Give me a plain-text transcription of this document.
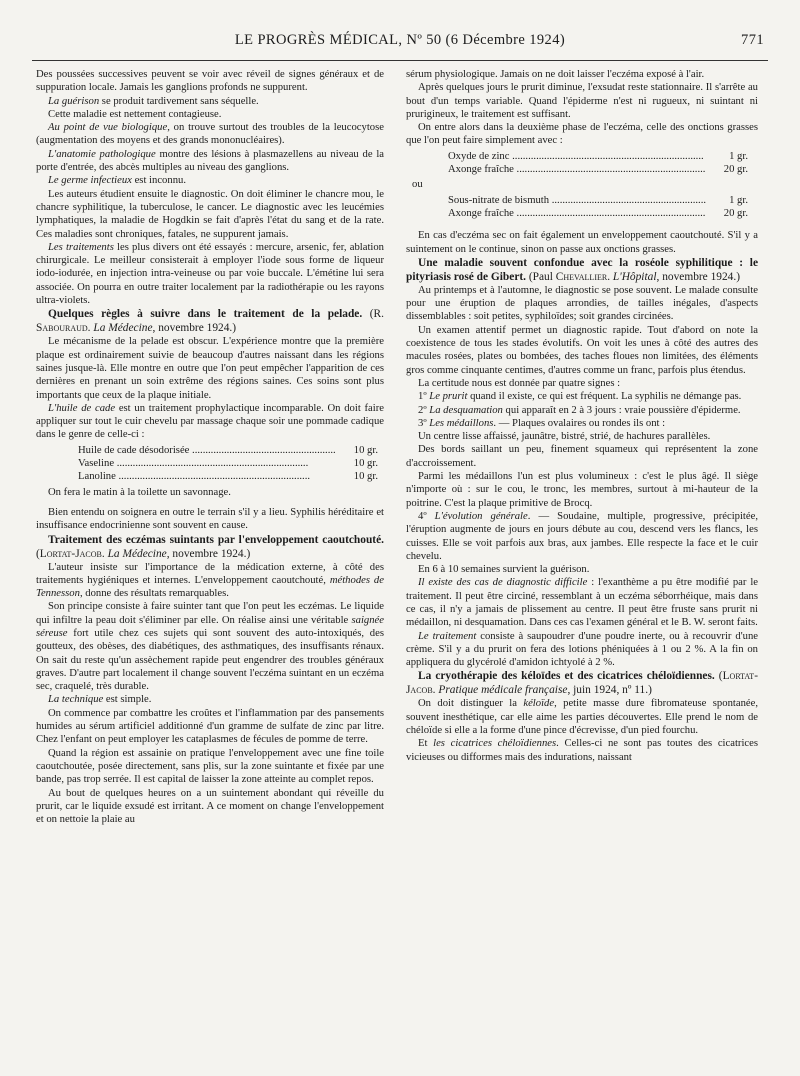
LE PROGRÈS MÉDICAL, Nº 50 (6 Décembre 1924)	771

Des poussées successives peuvent se voir avec réveil de signes généraux et de suppuration locale. Jamais les ganglions profonds ne suppurent.

La guérison se produit tardivement sans séquelle.

Cette maladie est nettement contagieuse.

Au point de vue biologique, on trouve surtout des troubles de la leucocytose (augmentation des moyens et des grands mononucléaires).

L'anatomie pathologique montre des lésions à plasmazellens au niveau de la porte d'entrée, des abcès multiples au niveau des ganglions.

Le germe infectieux est inconnu.

Les auteurs étudient ensuite le diagnostic. On doit éliminer le chancre mou, le chancre syphilitique, la tuberculose, le cancer. Le diagnostic avec les leucémies lymphatiques, la maladie de Hogdkin se fait d'après l'état du sang et de la rate. Ces maladies sont chroniques, fatales, ne suppurent jamais.

Les traitements les plus divers ont été essayés : mercure, arsenic, fer, ablation chirurgicale. Le meilleur consisterait à employer l'iode sous forme de liqueur iodo-iodurée, en injection intra-veineuse ou par voie buccale. L'émétine lui sera associée. On pourra en outre traiter localement par la radiothérapie ou les rayons ultra-violets.

Quelques règles à suivre dans le traitement de la pelade. (R. Sabouraud. La Médecine, novembre 1924.)

Le mécanisme de la pelade est obscur. L'expérience montre que la première plaque est ordinairement suivie de beaucoup d'autres naissant dans les régions saines jusque-là. Elle montre en outre que l'on peut empêcher l'apparition de ces dernières en prenant un soin extrême des régions saines. Ces soins sont plus importants que ceux de la plaque initiale.

L'huile de cade est un traitement prophylactique incomparable. On doit faire appliquer sur tout le cuir chevelu par massage chaque soir une pommade cadique dans le genre de celle-ci :

Huile de cade désodorisée .....	10 gr.
Vaseline .....	10 gr.
Lanoline .....	10 gr.

On fera le matin à la toilette un savonnage.

Bien entendu on soignera en outre le terrain s'il y a lieu. Syphilis héréditaire et insuffisance endocrinienne sont souvent en cause.

Traitement des eczémas suintants par l'enveloppement caoutchouté.(Lortat-Jacob. La Médecine, novembre 1924.)

L'auteur insiste sur l'importance de la médication externe, à côté des traitements hygiéniques et internes. L'enveloppement caoutchouté, méthodes de Tennesson, donne des résultats remarquables.

Son principe consiste à faire suinter tant que l'on peut les eczémas. Le liquide qui infiltre la peau doit s'éliminer par elle. On réalise ainsi une véritable saignée séreuse fort utile chez ces sujets qui sont souvent des auto-intoxiqués, des goutteux, des obèses, des diabétiques, des asthmatiques, des insuffisants rénaux. On sait du reste qu'un assèchement rapide peut engendrer des troubles généraux graves. D'autre part localement il change souvent l'eczéma suintant en un eczéma sec, craquelé, très durable.

La technique est simple.

On commence par combattre les croûtes et l'inflammation par des pansements humides au sérum artificiel additionné d'un gramme de sulfate de zinc par litre. Chez l'enfant on peut employer les cataplasmes de fécules de pomme de terre.

Quand la région est assainie on pratique l'enveloppement avec une fine toile caoutchoutée, posée directement, sans plis, sur la zone suintante et fixée par une bande, pas trop serrée. Il est capital de laisser la zone atteinte au complet repos.

Au bout de quelques heures on a un suintement abondant qui réveille du prurit, car le liquide exsudé est irritant. A ce moment on change l'enveloppement et on nettoie la plaie au

sérum physiologique. Jamais on ne doit laisser l'eczéma exposé à l'air.

Après quelques jours le prurit diminue, l'exsudat reste stationnaire. Il s'arrête au bout d'un temps variable. Quand l'épiderme n'est ni rugueux, ni suintant ni pruriginеux, le traitement est suffisant.

On entre alors dans la deuxième phase de l'eczéma, celle des onctions grasses que l'on peut faire simplement avec :

Oxyde de zinc .....	1 gr.
Axonge fraîche .....	20 gr.
ou
Sous-nitrate de bismuth .....	1 gr.
Axonge fraîche .....	20 gr.

En cas d'eczéma sec on fait également un enveloppement caoutchouté. S'il y a suintement on le continue, sinon on passe aux onctions grasses.

Une maladie souvent confondue avec la roséole syphilitique : le pityriasis rosé de Gibert. (Paul Chevallier. L'Hôpital, novembre 1924.)

Au printemps et à l'automne, le diagnostic se pose souvent. Le malade consulte pour une éruption de plaques arrondies, de tailles inégales, d'aspects dissemblables : soit petites, syphiloïdes; soit grandes circinées.

Un examen attentif permet un diagnostic rapide. Tout d'abord on note la coexistence de tous les stades évolutifs. On voit les unes à côté des autres des macules rosées, plates ou bombées, des taches floues non limitées, des éléments gros comme cinquante centimes, d'autres comme un franc, parfois plus étendus.

La certitude nous est donnée par quatre signes :

1º Le prurit quand il existe, ce qui est fréquent. La syphilis ne démange pas.

2º La desquamation qui apparaît en 2 à 3 jours : vraie poussière d'épiderme.

3º Les médaillons. — Plaques ovalaires ou rondes ils ont :

Un centre lisse affaissé, jaunâtre, bistré, strié, de hachures parallèles.

Des bords saillant un peu, finement squameux qui représentent la zone d'accroissement.

Parmi les médaillons l'un est plus volumineux : c'est le plus âgé. Il siège n'importe où : sur le cou, le tronc, les membres, surtout à mi-hauteur de la poitrine. C'est la plaque primitive de Brocq.

4º L'évolution générale. — Soudaine, multiple, progressive, précipitée, l'éruption augmente de jours en jours débute au cou, descend vers les flancs, les cuisses. Elle se voit parfois aux bras, aux jambes. Elle respecte la face et le cuir chevelu.

En 6 à 10 semaines survient la guérison.

Il existe des cas de diagnostic difficile : l'exanthème a pu être modifié par le traitement. Il peut être circiné, ressemblant à un eczéma séborrhéique, mais dans ce cas, il n'y a jamais de plissement au centre. Il peut être fruste sans prurit ni médaillon, ni desquamation. Dans ces cas l'examen général et le B. W. seront faits.

Le traitement consiste à saupoudrer d'une poudre inerte, ou à recouvrir d'une crème. S'il y a du prurit on fera des lotions phéniquées à 1 ou 2 %. A la fin on appliquera du glycérolé d'amidon ichtyolé à 2 %.

La cryothérapie des kéloïdes et des cicatrices chéloïdiennes. (Lortat-Jacob. Pratique médicale française, juin 1924, nº 11.)

On doit distinguer la kéloïde, petite masse dure fibromateuse spontanée, souvent inesthétique, car elle aime les parties découvertes. Elle prend le nom de chéloïde si elle a la forme d'une pince d'écrevisse, d'un pied fourchu.

Et les cicatrices chéloïdiennes. Celles-ci ne sont pas toutes des cicatrices vicieuses ou difformes mais des indurations, naissant
